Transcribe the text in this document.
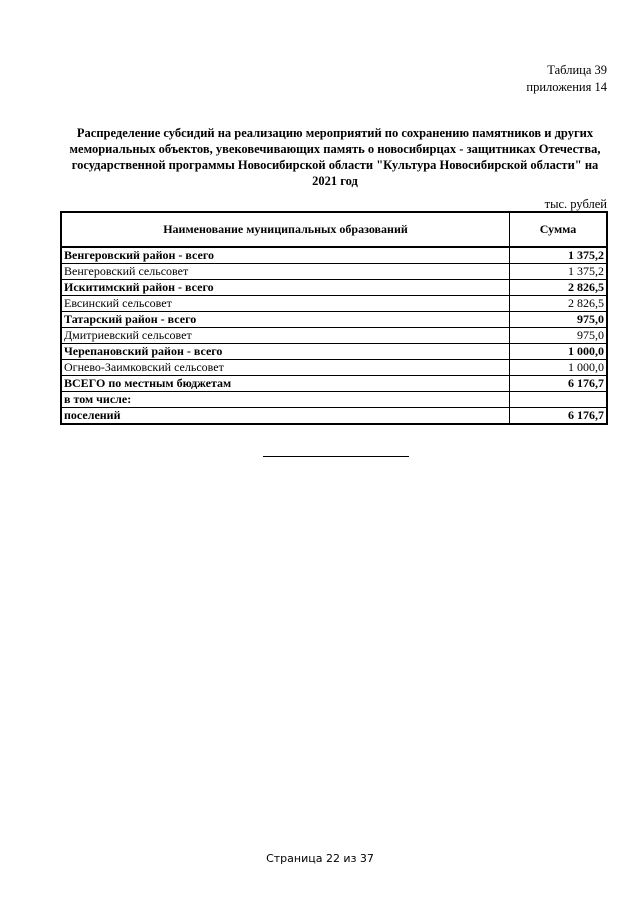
Таблица 39
приложения 14
Распределение субсидий на реализацию мероприятий по сохранению памятников и других мемориальных объектов, увековечивающих память о новосибирцах - защитниках Отечества, государственной программы Новосибирской области "Культура Новосибирской области" на 2021 год
тыс. рублей
Наименование муниципальных образований	Сумма
Венгеровский район - всего	1 375,2
Венгеровский сельсовет	1 375,2
Искитимский район - всего	2 826,5
Евсинский сельсовет	2 826,5
Татарский район - всего	975,0
Дмитриевский сельсовет	975,0
Черепановский район - всего	1 000,0
Огнево-Заимковский сельсовет	1 000,0
ВСЕГО по местным бюджетам	6 176,7
в том числе:	
поселений	6 176,7
Страница 22 из 37
